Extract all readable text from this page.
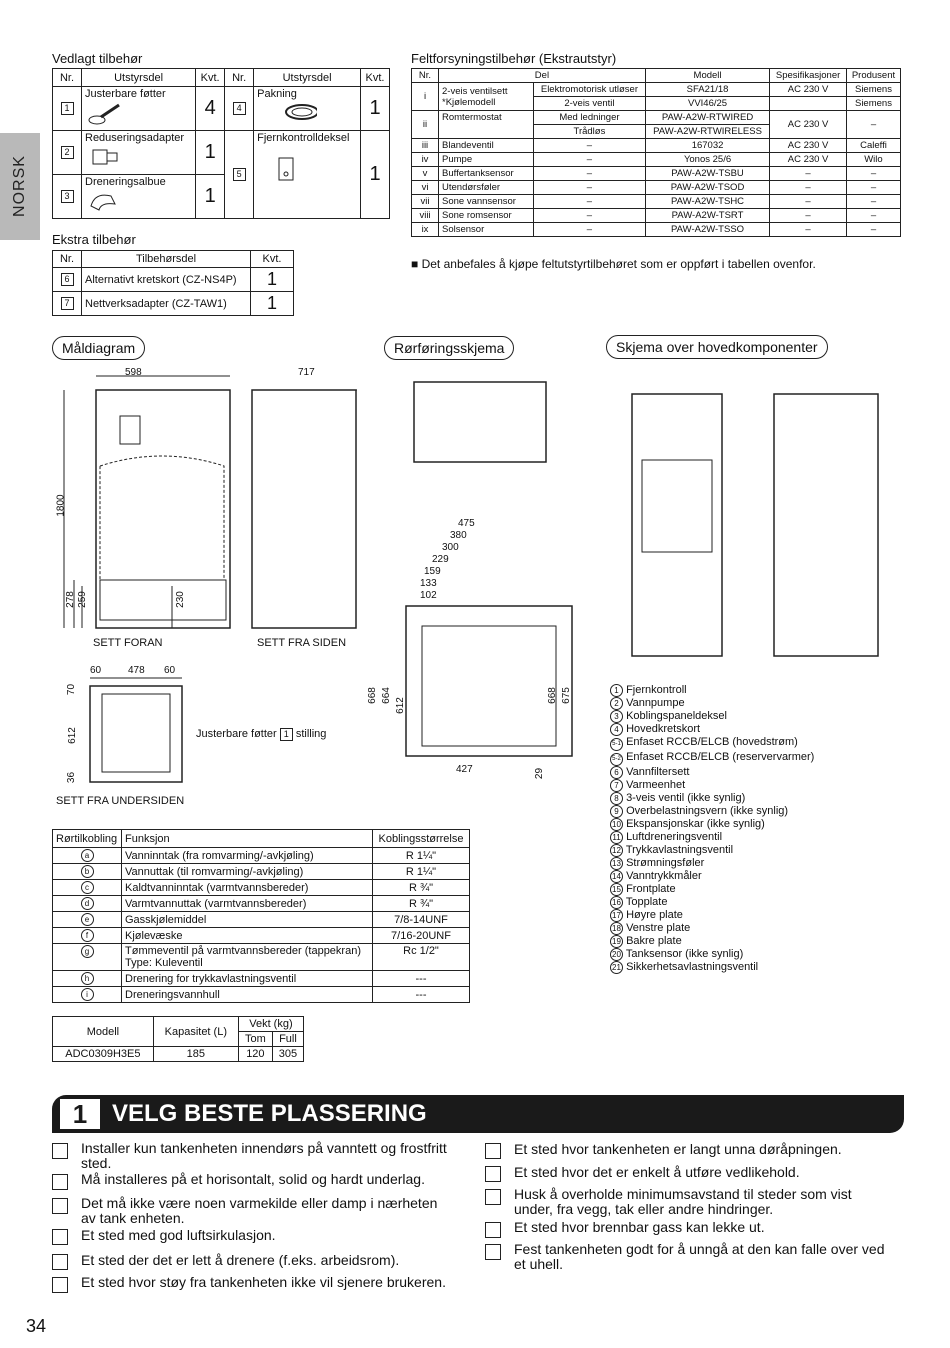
NORSK
Vedlagt tilbehør
Nr.	Utstyrsdel	Kvt.	Nr.	Utstyrsdel	Kvt.
1	Justerbare føtter	4	4	Pakning	1
2	Reduseringsadapter	1	5	Fjernkontrolldeksel	1
3	Dreneringsalbue	1			
Ekstra tilbehør
Nr.	Tilbehørsdel	Kvt.
6	Alternativt kretskort (CZ-NS4P)	1
7	Nettverksadapter (CZ-TAW1)	1
Feltforsyningstilbehør (Ekstrautstyr)
Nr.	Del		Modell	Spesifikasjoner	Produsent
i	2-veis ventilsett *Kjølemodell	Elektromotorisk utløser	SFA21/18	AC 230 V	Siemens
		2-veis ventil	VVI46/25		Siemens
ii	Romtermostat	Med ledninger	PAW-A2W-RTWIRED	AC 230 V	–
		Trådløs	PAW-A2W-RTWIRELESS		
iii	Blandeventil	–	167032	AC 230 V	Caleffi
iv	Pumpe	–	Yonos 25/6	AC 230 V	Wilo
v	Buffertanksensor	–	PAW-A2W-TSBU	–	–
vi	Utendørsføler	–	PAW-A2W-TSOD	–	–
vii	Sone vannsensor	–	PAW-A2W-TSHC	–	–
viii	Sone romsensor	–	PAW-A2W-TSRT	–	–
ix	Solsensor	–	PAW-A2W-TSSO	–	–
■ Det anbefales å kjøpe feltutstyrtilbehøret som er oppført i tabellen ovenfor.
Måldiagram	Rørføringsskjema	Skjema over hovedkomponenter
598	717
1800
278 259	230
SETT FORAN	SETT FRA SIDEN
60	478 60
70
612
36
Justerbare føtter 1 stilling
SETT FRA UNDERSIDEN
475
380
300
229
159
133
102
668 664
612
668 675
427	29
1 Fjernkontroll
2 Vannpumpe
3 Koblingspaneldeksel
4 Hovedkretskort
5-1 Enfaset RCCB/ELCB (hovedstrøm)
5-2 Enfaset RCCB/ELCB (reservervarmer)
6 Vannfiltersett
7 Varmeenhet
8 3-veis ventil (ikke synlig)
9 Overbelastningsvern (ikke synlig)
10 Ekspansjonskar (ikke synlig)
11 Luftdreneringsventil
12 Trykkavlastningsventil
13 Strømningsføler
14 Vanntrykkmåler
15 Frontplate
16 Topplate
17 Høyre plate
18 Venstre plate
19 Bakre plate
20 Tanksensor (ikke synlig)
21 Sikkerhetsavlastningsventil
Rørtilkobling	Funksjon	Koblingsstørrelse
a	Vanninntak (fra romvarming/-avkjøling)	R 1¼"
b	Vannuttak (til romvarming/-avkjøling)	R 1¼"
c	Kaldtvanninntak (varmtvannsbereder)	R ¾"
d	Varmtvannuttak (varmtvannsbereder)	R ¾"
e	Gasskjølemiddel	7/8-14UNF
f	Kjølevæske	7/16-20UNF
g	Tømmeventil på varmtvannsbereder (tappekran) Type: Kuleventil	Rc 1/2"
h	Drenering for trykkavlastningsventil	---
i	Dreneringsvannhull	---
Modell	Kapasitet (L)	Vekt (kg)	
		Tom	Full
ADC0309H3E5	185	120	305
1	VELG BESTE PLASSERING
Installer kun tankenheten innendørs på vanntett og frostfritt sted.
Må installeres på et horisontalt, solid og hardt underlag.
Det må ikke være noen varmekilde eller damp i nærheten av tank enheten.
Et sted med god luftsirkulasjon.
Et sted der det er lett å drenere (f.eks. arbeidsrom).
Et sted hvor støy fra tankenheten ikke vil sjenere brukeren.
Et sted hvor tankenheten er langt unna døråpningen.
Et sted hvor det er enkelt å utføre vedlikehold.
Husk å overholde minimumsavstand til steder som vist under, fra vegg, tak eller andre hindringer.
Et sted hvor brennbar gass kan lekke ut.
Fest tankenheten godt for å unngå at den kan falle over ved et uhell.
34
